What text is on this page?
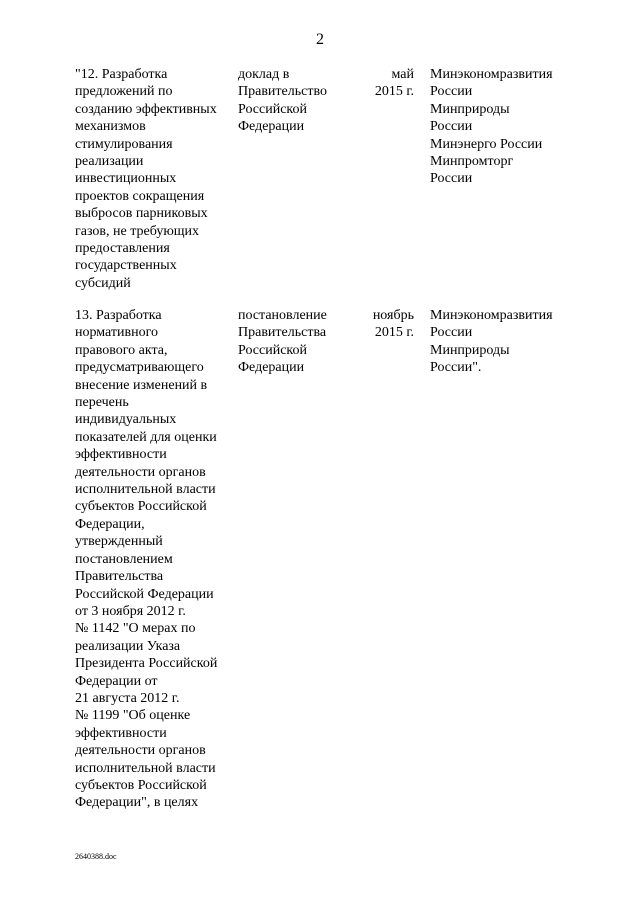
2
"12. Разработка
предложений по
созданию эффективных
механизмов
стимулирования
реализации
инвестиционных
проектов сокращения
выбросов парниковых
газов, не требующих
предоставления
государственных
субсидий
доклад в
Правительство
Российской
Федерации
май
2015 г.
Минэкономразвития
России
Минприроды
России
Минэнерго России
Минпромторг
России
13. Разработка
нормативного
правового акта,
предусматривающего
внесение изменений в
перечень
индивидуальных
показателей для оценки
эффективности
деятельности органов
исполнительной власти
субъектов Российской
Федерации,
утвержденный
постановлением
Правительства
Российской Федерации
от 3 ноября 2012 г.
№ 1142 "О мерах по
реализации Указа
Президента Российской
Федерации от
21 августа 2012 г.
№ 1199 "Об оценке
эффективности
деятельности органов
исполнительной власти
субъектов Российской
Федерации", в целях
постановление
Правительства
Российской
Федерации
ноябрь
2015 г.
Минэкономразвития
России
Минприроды
России".
2640388.doc
